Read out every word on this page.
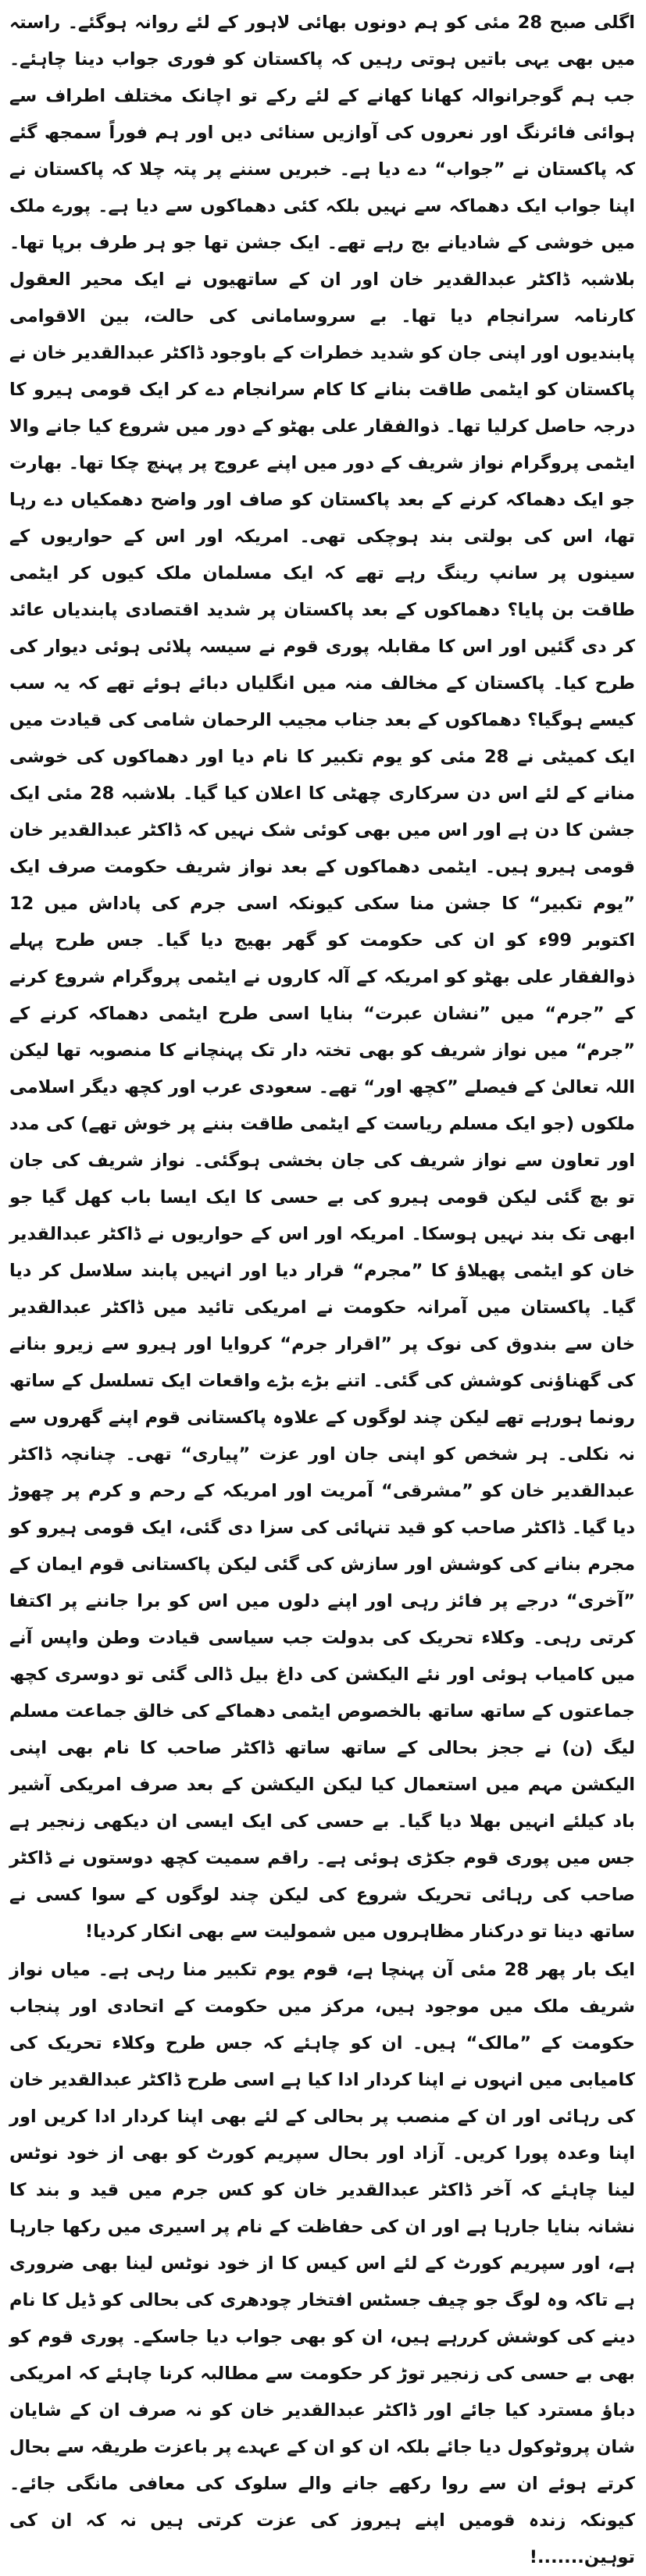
اگلی صبح 28 مئی کو ہم دونوں بھائی لاہور کے لئے روانہ ہوگئے۔ راستہ میں بھی یہی باتیں ہوتی رہیں کہ پاکستان کو فوری جواب دینا چاہئے۔ جب ہم گوجرانوالہ کھانا کھانے کے لئے رکے تو اچانک مختلف اطراف سے ہوائی فائرنگ اور نعروں کی آوازیں سنائی دیں اور ہم فوراً سمجھ گئے کہ پاکستان نے ”جواب“ دے دیا ہے۔ خبریں سننے پر پتہ چلا کہ پاکستان نے اپنا جواب ایک دھماکہ سے نہیں بلکہ کئی دھماکوں سے دیا ہے۔ پورے ملک میں خوشی کے شادیانے بج رہے تھے۔ ایک جشن تھا جو ہر طرف برپا تھا۔ بلاشبہ ڈاکٹر عبدالقدیر خان اور ان کے ساتھیوں نے ایک محیر العقول کارنامہ سرانجام دیا تھا۔ بے سروسامانی کی حالت، بین الاقوامی پابندیوں اور اپنی جان کو شدید خطرات کے باوجود ڈاکٹر عبدالقدیر خان نے پاکستان کو ایٹمی طاقت بنانے کا کام سرانجام دے کر ایک قومی ہیرو کا درجہ حاصل کرلیا تھا۔ ذوالفقار علی بھٹو کے دور میں شروع کیا جانے والا ایٹمی پروگرام نواز شریف کے دور میں اپنے عروج پر پہنچ چکا تھا۔ بھارت جو ایک دھماکہ کرنے کے بعد پاکستان کو صاف اور واضح دھمکیاں دے رہا تھا، اس کی بولتی بند ہوچکی تھی۔ امریکہ اور اس کے حواریوں کے سینوں پر سانپ رینگ رہے تھے کہ ایک مسلمان ملک کیوں کر ایٹمی طاقت بن پایا؟ دھماکوں کے بعد پاکستان پر شدید اقتصادی پابندیاں عائد کر دی گئیں اور اس کا مقابلہ پوری قوم نے سیسہ پلائی ہوئی دیوار کی طرح کیا۔ پاکستان کے مخالف منہ میں انگلیاں دبائے ہوئے تھے کہ یہ سب کیسے ہوگیا؟ دھماکوں کے بعد جناب مجیب الرحمان شامی کی قیادت میں ایک کمیٹی نے 28 مئی کو یوم تکبیر کا نام دیا اور دھماکوں کی خوشی منانے کے لئے اس دن سرکاری چھٹی کا اعلان کیا گیا۔ بلاشبہ 28 مئی ایک جشن کا دن ہے اور اس میں بھی کوئی شک نہیں کہ ڈاکٹر عبدالقدیر خان قومی ہیرو ہیں۔ ایٹمی دھماکوں کے بعد نواز شریف حکومت صرف ایک ”یوم تکبیر“ کا جشن منا سکی کیونکہ اسی جرم کی پاداش میں 12 اکتوبر 99ء کو ان کی حکومت کو گھر بھیج دیا گیا۔ جس طرح پہلے ذوالفقار علی بھٹو کو امریکہ کے آلہ کاروں نے ایٹمی پروگرام شروع کرنے کے ”جرم“ میں ”نشان عبرت“ بنایا اسی طرح ایٹمی دھماکہ کرنے کے ”جرم“ میں نواز شریف کو بھی تختہ دار تک پہنچانے کا منصوبہ تھا لیکن اللہ تعالیٰ کے فیصلے ”کچھ اور“ تھے۔ سعودی عرب اور کچھ دیگر اسلامی ملکوں (جو ایک مسلم ریاست کے ایٹمی طاقت بننے پر خوش تھے) کی مدد اور تعاون سے نواز شریف کی جان بخشی ہوگئی۔ نواز شریف کی جان تو بچ گئی لیکن قومی ہیرو کی بے حسی کا ایک ایسا باب کھل گیا جو ابھی تک بند نہیں ہوسکا۔ امریکہ اور اس کے حواریوں نے ڈاکٹر عبدالقدیر خان کو ایٹمی پھیلاؤ کا ”مجرم“ قرار دیا اور انہیں پابند سلاسل کر دیا گیا۔ پاکستان میں آمرانہ حکومت نے امریکی تائید میں ڈاکٹر عبدالقدیر خان سے بندوق کی نوک پر ”اقرار جرم“ کروایا اور ہیرو سے زیرو بنانے کی گھناؤنی کوشش کی گئی۔ اتنے بڑے بڑے واقعات ایک تسلسل کے ساتھ رونما ہورہے تھے لیکن چند لوگوں کے علاوہ پاکستانی قوم اپنے گھروں سے نہ نکلی۔ ہر شخص کو اپنی جان اور عزت ”پیاری“ تھی۔ چنانچہ ڈاکٹر عبدالقدیر خان کو ”مشرقی“ آمریت اور امریکہ کے رحم و کرم پر چھوڑ دیا گیا۔ ڈاکٹر صاحب کو قید تنہائی کی سزا دی گئی، ایک قومی ہیرو کو مجرم بنانے کی کوشش اور سازش کی گئی لیکن پاکستانی قوم ایمان کے ”آخری“ درجے پر فائز رہی اور اپنے دلوں میں اس کو برا جاننے پر اکتفا کرتی رہی۔ وکلاء تحریک کی بدولت جب سیاسی قیادت وطن واپس آنے میں کامیاب ہوئی اور نئے الیکشن کی داغ بیل ڈالی گئی تو دوسری کچھ جماعتوں کے ساتھ ساتھ بالخصوص ایٹمی دھماکے کی خالق جماعت مسلم لیگ (ن) نے ججز بحالی کے ساتھ ساتھ ڈاکٹر صاحب کا نام بھی اپنی الیکشن مہم میں استعمال کیا لیکن الیکشن کے بعد صرف امریکی آشیر باد کیلئے انہیں بھلا دیا گیا۔ بے حسی کی ایک ایسی ان دیکھی زنجیر ہے جس میں پوری قوم جکڑی ہوئی ہے۔ راقم سمیت کچھ دوستوں نے ڈاکٹر صاحب کی رہائی تحریک شروع کی لیکن چند لوگوں کے سوا کسی نے ساتھ دینا تو درکنار مظاہروں میں شمولیت سے بھی انکار کردیا!

ایک بار پھر 28 مئی آن پہنچا ہے، قوم یوم تکبیر منا رہی ہے۔ میاں نواز شریف ملک میں موجود ہیں، مرکز میں حکومت کے اتحادی اور پنجاب حکومت کے ”مالک“ ہیں۔ ان کو چاہئے کہ جس طرح وکلاء تحریک کی کامیابی میں انہوں نے اپنا کردار ادا کیا ہے اسی طرح ڈاکٹر عبدالقدیر خان کی رہائی اور ان کے منصب پر بحالی کے لئے بھی اپنا کردار ادا کریں اور اپنا وعدہ پورا کریں۔ آزاد اور بحال سپریم کورٹ کو بھی از خود نوٹس لینا چاہئے کہ آخر ڈاکٹر عبدالقدیر خان کو کس جرم میں قید و بند کا نشانہ بنایا جارہا ہے اور ان کی حفاظت کے نام پر اسیری میں رکھا جارہا ہے، اور سپریم کورٹ کے لئے اس کیس کا از خود نوٹس لینا بھی ضروری ہے تاکہ وہ لوگ جو چیف جسٹس افتخار چودھری کی بحالی کو ڈیل کا نام دینے کی کوشش کررہے ہیں، ان کو بھی جواب دیا جاسکے۔ پوری قوم کو بھی بے حسی کی زنجیر توڑ کر حکومت سے مطالبہ کرنا چاہئے کہ امریکی دباؤ مسترد کیا جائے اور ڈاکٹر عبدالقدیر خان کو نہ صرف ان کے شایان شان پروٹوکول دیا جائے بلکہ ان کو ان کے عہدے پر باعزت طریقہ سے بحال کرتے ہوئے ان سے روا رکھے جانے والے سلوک کی معافی مانگی جائے۔ کیونکہ زندہ قومیں اپنے ہیروز کی عزت کرتی ہیں نہ کہ ان کی توہین.......!
